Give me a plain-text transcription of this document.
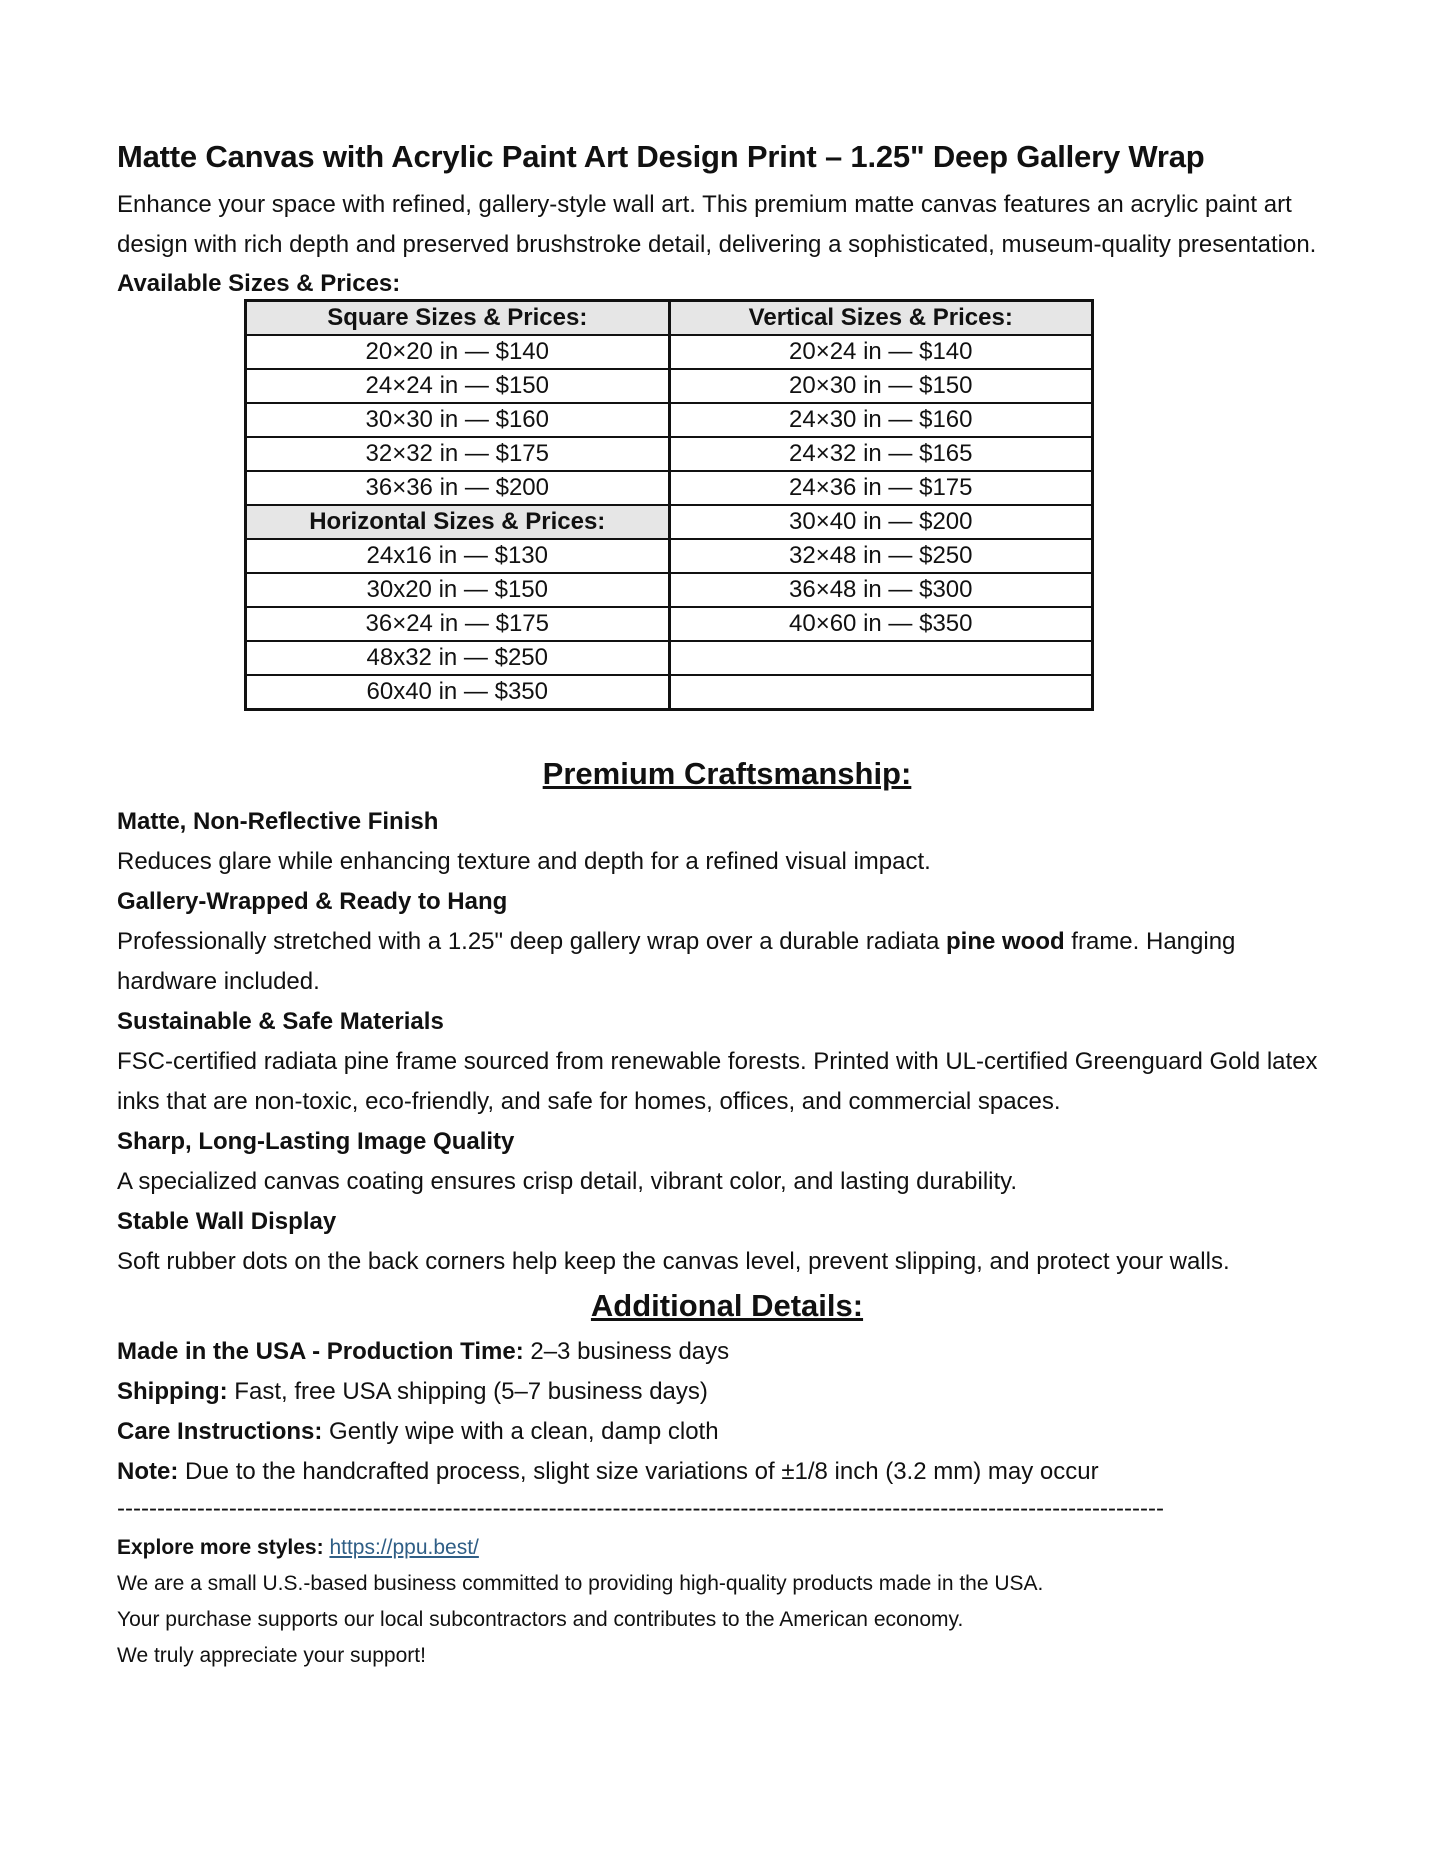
Matte Canvas with Acrylic Paint Art Design Print – 1.25" Deep Gallery Wrap

Enhance your space with refined, gallery-style wall art. This premium matte canvas features an acrylic paint art design with rich depth and preserved brushstroke detail, delivering a sophisticated, museum-quality presentation.

Available Sizes & Prices:

Square Sizes & Prices:	Vertical Sizes & Prices:
20×20 in — $140	20×24 in — $140
24×24 in — $150	20×30 in — $150
30×30 in — $160	24×30 in — $160
32×32 in — $175	24×32 in — $165
36×36 in — $200	24×36 in — $175
Horizontal Sizes & Prices:	30×40 in — $200
24x16 in — $130	32×48 in — $250
30x20 in — $150	36×48 in — $300
36×24 in — $175	40×60 in — $350
48x32 in — $250	
60x40 in — $350	
Premium Craftsmanship:

Matte, Non-Reflective Finish

Reduces glare while enhancing texture and depth for a refined visual impact.

Gallery-Wrapped & Ready to Hang

Professionally stretched with a 1.25" deep gallery wrap over a durable radiata pine wood frame. Hanging hardware included.

Sustainable & Safe Materials

FSC-certified radiata pine frame sourced from renewable forests. Printed with UL-certified Greenguard Gold latex inks that are non-toxic, eco-friendly, and safe for homes, offices, and commercial spaces.

Sharp, Long-Lasting Image Quality

A specialized canvas coating ensures crisp detail, vibrant color, and lasting durability.

Stable Wall Display

Soft rubber dots on the back corners help keep the canvas level, prevent slipping, and protect your walls.

Additional Details:

Made in the USA - Production Time: 2–3 business days

Shipping: Fast, free USA shipping (5–7 business days)

Care Instructions: Gently wipe with a clean, damp cloth

Note: Due to the handcrafted process, slight size variations of ±1/8 inch (3.2 mm) may occur

-----------------------------------------------------------------------------------------------------------------------------------

Explore more styles: https://ppu.best/

We are a small U.S.-based business committed to providing high-quality products made in the USA.

Your purchase supports our local subcontractors and contributes to the American economy.

We truly appreciate your support!
